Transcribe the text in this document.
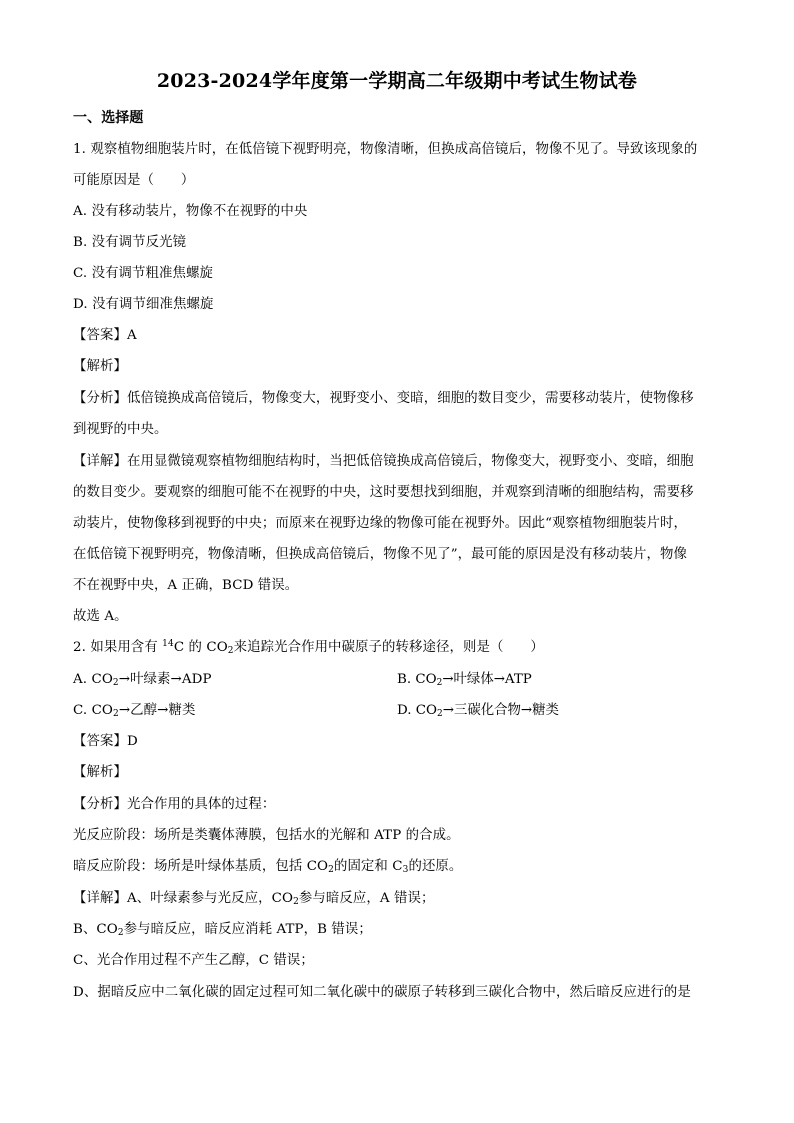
2023-2024学年度第一学期高二年级期中考试生物试卷
一、选择题
1. 观察植物细胞装片时，在低倍镜下视野明亮，物像清晰，但换成高倍镜后，物像不见了。导致该现象的
可能原因是（　　）
A. 没有移动装片，物像不在视野的中央
B. 没有调节反光镜
C. 没有调节粗准焦螺旋
D. 没有调节细准焦螺旋
【答案】A
【解析】
【分析】低倍镜换成高倍镜后，物像变大，视野变小、变暗，细胞的数目变少，需要移动装片，使物像移
到视野的中央。
【详解】在用显微镜观察植物细胞结构时，当把低倍镜换成高倍镜后，物像变大，视野变小、变暗，细胞
的数目变少。要观察的细胞可能不在视野的中央，这时要想找到细胞，并观察到清晰的细胞结构，需要移
动装片，使物像移到视野的中央；而原来在视野边缘的物像可能在视野外。因此“观察植物细胞装片时，
在低倍镜下视野明亮，物像清晰，但换成高倍镜后，物像不见了”，最可能的原因是没有移动装片，物像
不在视野中央，A 正确，BCD 错误。
故选 A。
2. 如果用含有 $^{14}$C 的 $CO_2$来追踪光合作用中碳原子的转移途径，则是（　　）
A. $CO_2\to$叶绿素→ADP	B. $CO_2\to$叶绿体→ATP
C. $CO_2\to$乙醇→糖类	D. $CO_2\to$三碳化合物→糖类
【答案】D
【解析】
【分析】光合作用的具体的过程：
光反应阶段：场所是类囊体薄膜，包括水的光解和 ATP 的合成。
暗反应阶段：场所是叶绿体基质，包括 $CO_2$的固定和 $C_3$的还原。
【详解】A、叶绿素参与光反应，$CO_2$参与暗反应，A 错误；
B、$CO_2$参与暗反应，暗反应消耗 ATP，B 错误；
C、光合作用过程不产生乙醇，C 错误；
D、据暗反应中二氧化碳的固定过程可知二氧化碳中的碳原子转移到三碳化合物中，然后暗反应进行的是
